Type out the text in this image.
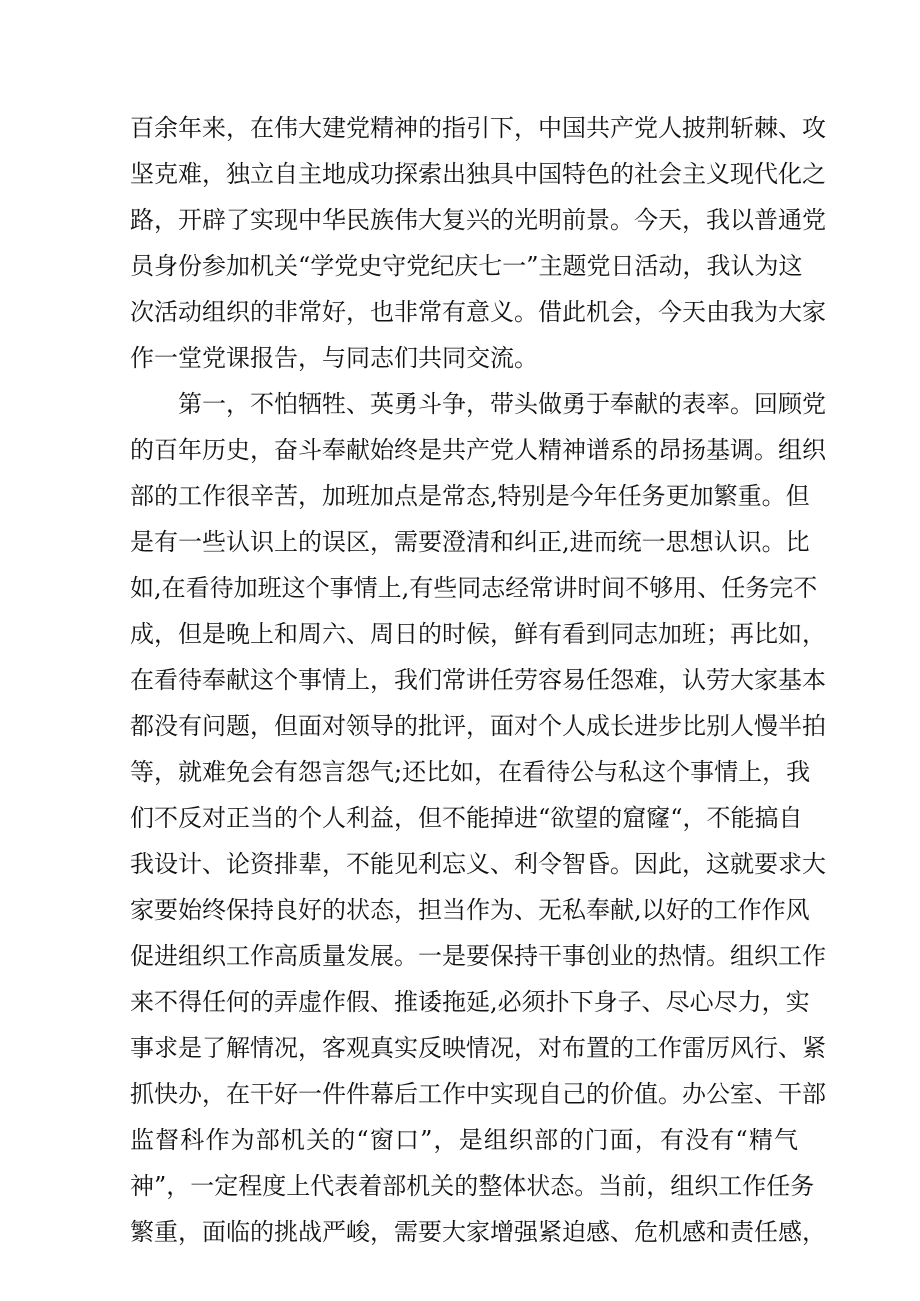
百余年来，在伟大建党精神的指引下，中国共产党人披荆斩棘、攻
坚克难，独立自主地成功探索出独具中国特色的社会主义现代化之
路，开辟了实现中华民族伟大复兴的光明前景。今天，我以普通党
员身份参加机关“学党史守党纪庆七一”主题党日活动，我认为这
次活动组织的非常好，也非常有意义。借此机会，今天由我为大家
作一堂党课报告，与同志们共同交流。
第一，不怕牺牲、英勇斗争，带头做勇于奉献的表率。回顾党
的百年历史，奋斗奉献始终是共产党人精神谱系的昂扬基调。组织
部的工作很辛苦，加班加点是常态,特别是今年任务更加繁重。但
是有一些认识上的误区，需要澄清和纠正,进而统一思想认识。比
如,在看待加班这个事情上,有些同志经常讲时间不够用、任务完不
成，但是晚上和周六、周日的时候，鲜有看到同志加班；再比如，
在看待奉献这个事情上，我们常讲任劳容易任怨难，认劳大家基本
都没有问题，但面对领导的批评，面对个人成长进步比别人慢半拍
等，就难免会有怨言怨气;还比如，在看待公与私这个事情上，我
们不反对正当的个人利益，但不能掉进“欲望的窟窿“，不能搞自
我设计、论资排辈，不能见利忘义、利令智昏。因此，这就要求大
家要始终保持良好的状态，担当作为、无私奉献,以好的工作作风
促进组织工作高质量发展。一是要保持干事创业的热情。组织工作
来不得任何的弄虚作假、推诿拖延,必须扑下身子、尽心尽力，实
事求是了解情况，客观真实反映情况，对布置的工作雷厉风行、紧
抓快办，在干好一件件幕后工作中实现自己的价值。办公室、干部
监督科作为部机关的“窗口”，是组织部的门面，有没有“精气
神”，一定程度上代表着部机关的整体状态。当前，组织工作任务
繁重，面临的挑战严峻，需要大家增强紧迫感、危机感和责任感，
